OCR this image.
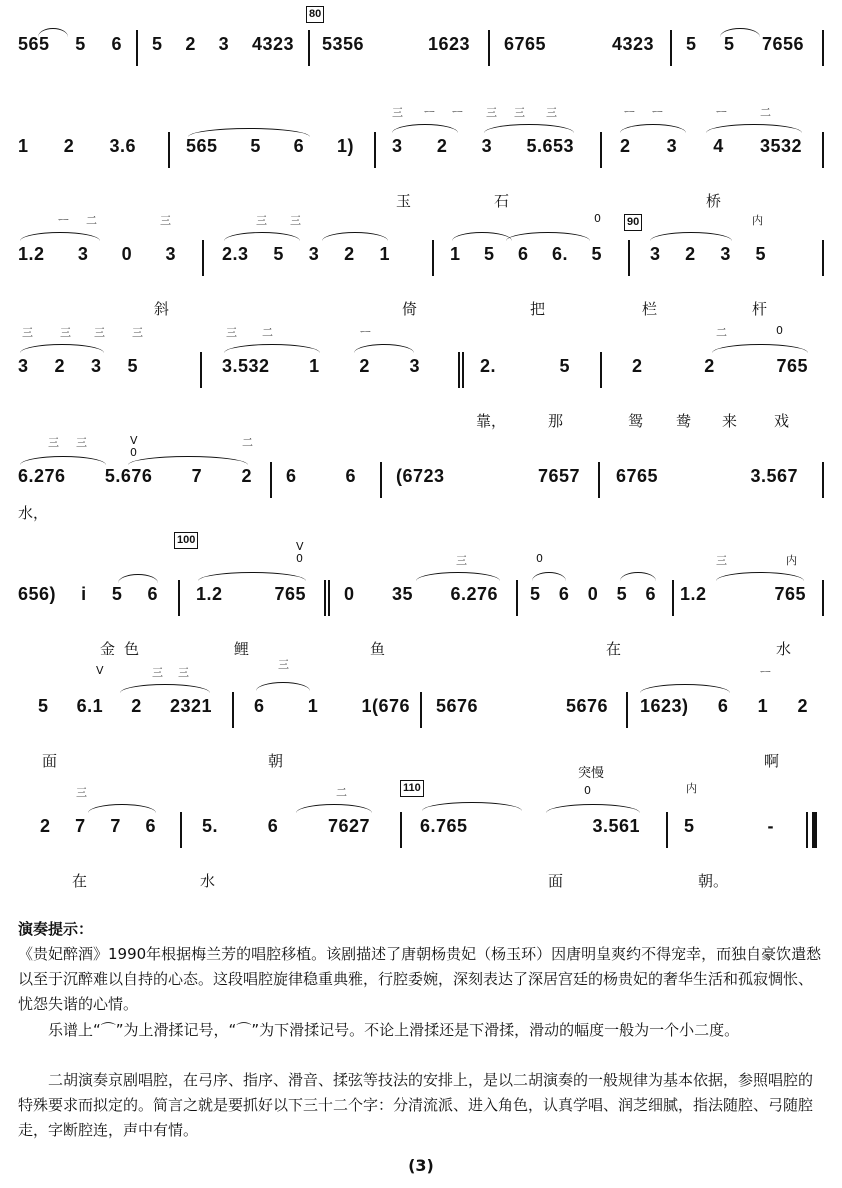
80
565 5 6 5 2 3 4323 5356 1623 6765 4323 5 5 7656
1 2 3.6	565 5 6 1) 3 2 3 5.653	2 3 4 3532
三 ㅡ ㅡ 三 三 三	ㅡ ㅡ	ㅡ	二
玉	石	桥
90
1.2 3 0 3	2.3 5 3 2 1	1 5 6 6. 5	3 2 3 5
ㅡ 二	三	三 三	0	内
斜	倚	把	栏	杆
3 2 3 5	3.532 1 2 3	2. 5	2 2 765
三 三 三 三	三 二	ㅡ	二	0
靠，	那	鸳 鸯 来 戏
6.276 5.676 7 2 6 6 (6723 7657 6765 3.567
三 三	V
0
二
水，
100
656) i 5 6 1.2 765 0 35 6.276 5 6 0 5 6 1.2 765
V
0	三	0	三	内
金 色	鲤	鱼	在	水
5 6.1 2 2321 6 1 1(676 5676 5676 1623) 6 1 2
V	三 三
三
ㅡ
面	朝	啊
110
2 7 7 6	5. 6 7627	6.765 3.561 5 -
三	二	0
突慢
内
在	水	面	朝。
演奏提示：
《贵妃醉酒》1990年根据梅兰芳的唱腔移植。该剧描述了唐朝杨贵妃（杨玉环）因唐明皇爽约不得宠幸，而独自豪饮遣愁以至于沉醉难以自持的心态。这段唱腔旋律稳重典雅，行腔委婉，深刻表达了深居宫廷的杨贵妃的奢华生活和孤寂惆怅、忧怨失谐的心情。
乐谱上“⌒”为上滑揉记号，“⌒”为下滑揉记号。不论上滑揉还是下滑揉，滑动的幅度一般为一个小二度。
二胡演奏京剧唱腔，在弓序、指序、滑音、揉弦等技法的安排上，是以二胡演奏的一般规律为基本依据，参照唱腔的特殊要求而拟定的。简言之就是要抓好以下三十二个字：分清流派、进入角色，认真学唱、润芝细腻，指法随腔、弓随腔走，字断腔连，声中有情。
(3)
